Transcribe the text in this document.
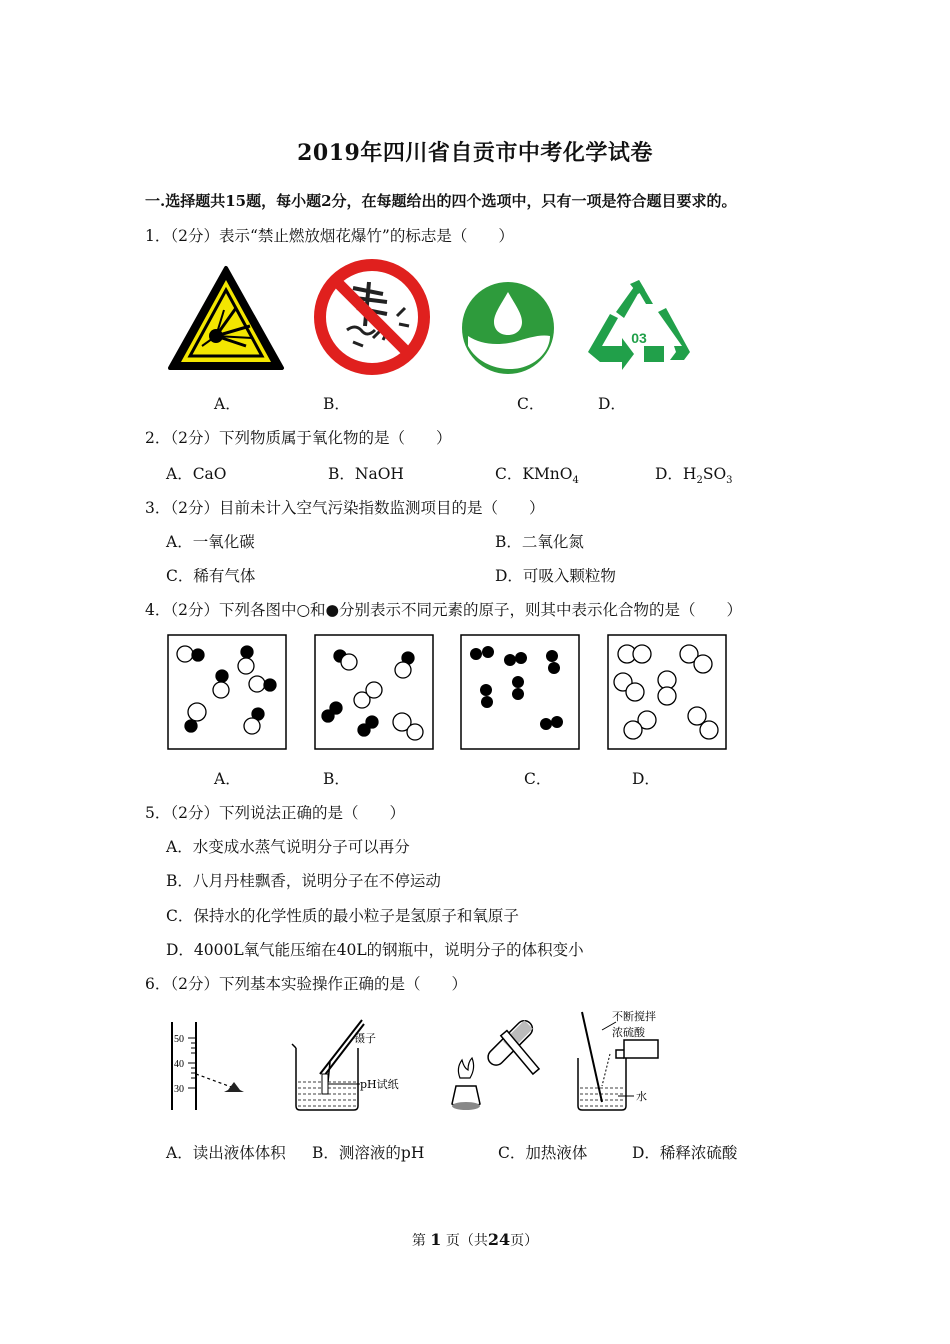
2019年四川省自贡市中考化学试卷
一.选择题共15题，每小题2分，在每题给出的四个选项中，只有一项是符合题目要求的。
1．（2分）表示“禁止燃放烟花爆竹”的标志是（　　）
03
A．	B．	C．	D．
2．（2分）下列物质属于氧化物的是（　　）
A．CaO	B．NaOH	C．KMnO$_4$	D．$H_2SO_3$
3．（2分）目前未计入空气污染指数监测项目的是（　　）
A．一氧化碳	B．二氧化氮
C．稀有气体	D．可吸入颗粒物
4．（2分）下列各图中○和●分别表示不同元素的原子，则其中表示化合物的是（　　）
A．	B．	C．	D．
5．（2分）下列说法正确的是（　　）
A．水变成水蒸气说明分子可以再分
B．八月丹桂飘香，说明分子在不停运动
C．保持水的化学性质的最小粒子是氢原子和氧原子
D．4000L氧气能压缩在40L的钢瓶中，说明分子的体积变小
6．（2分）下列基本实验操作正确的是（　　）
50
40
30
镊子
pH试纸
不断搅拌
浓硫酸
水
A．读出液体体积 B．测溶液的pH	C．加热液体	D．稀释浓硫酸
第 1 页（共24页）
